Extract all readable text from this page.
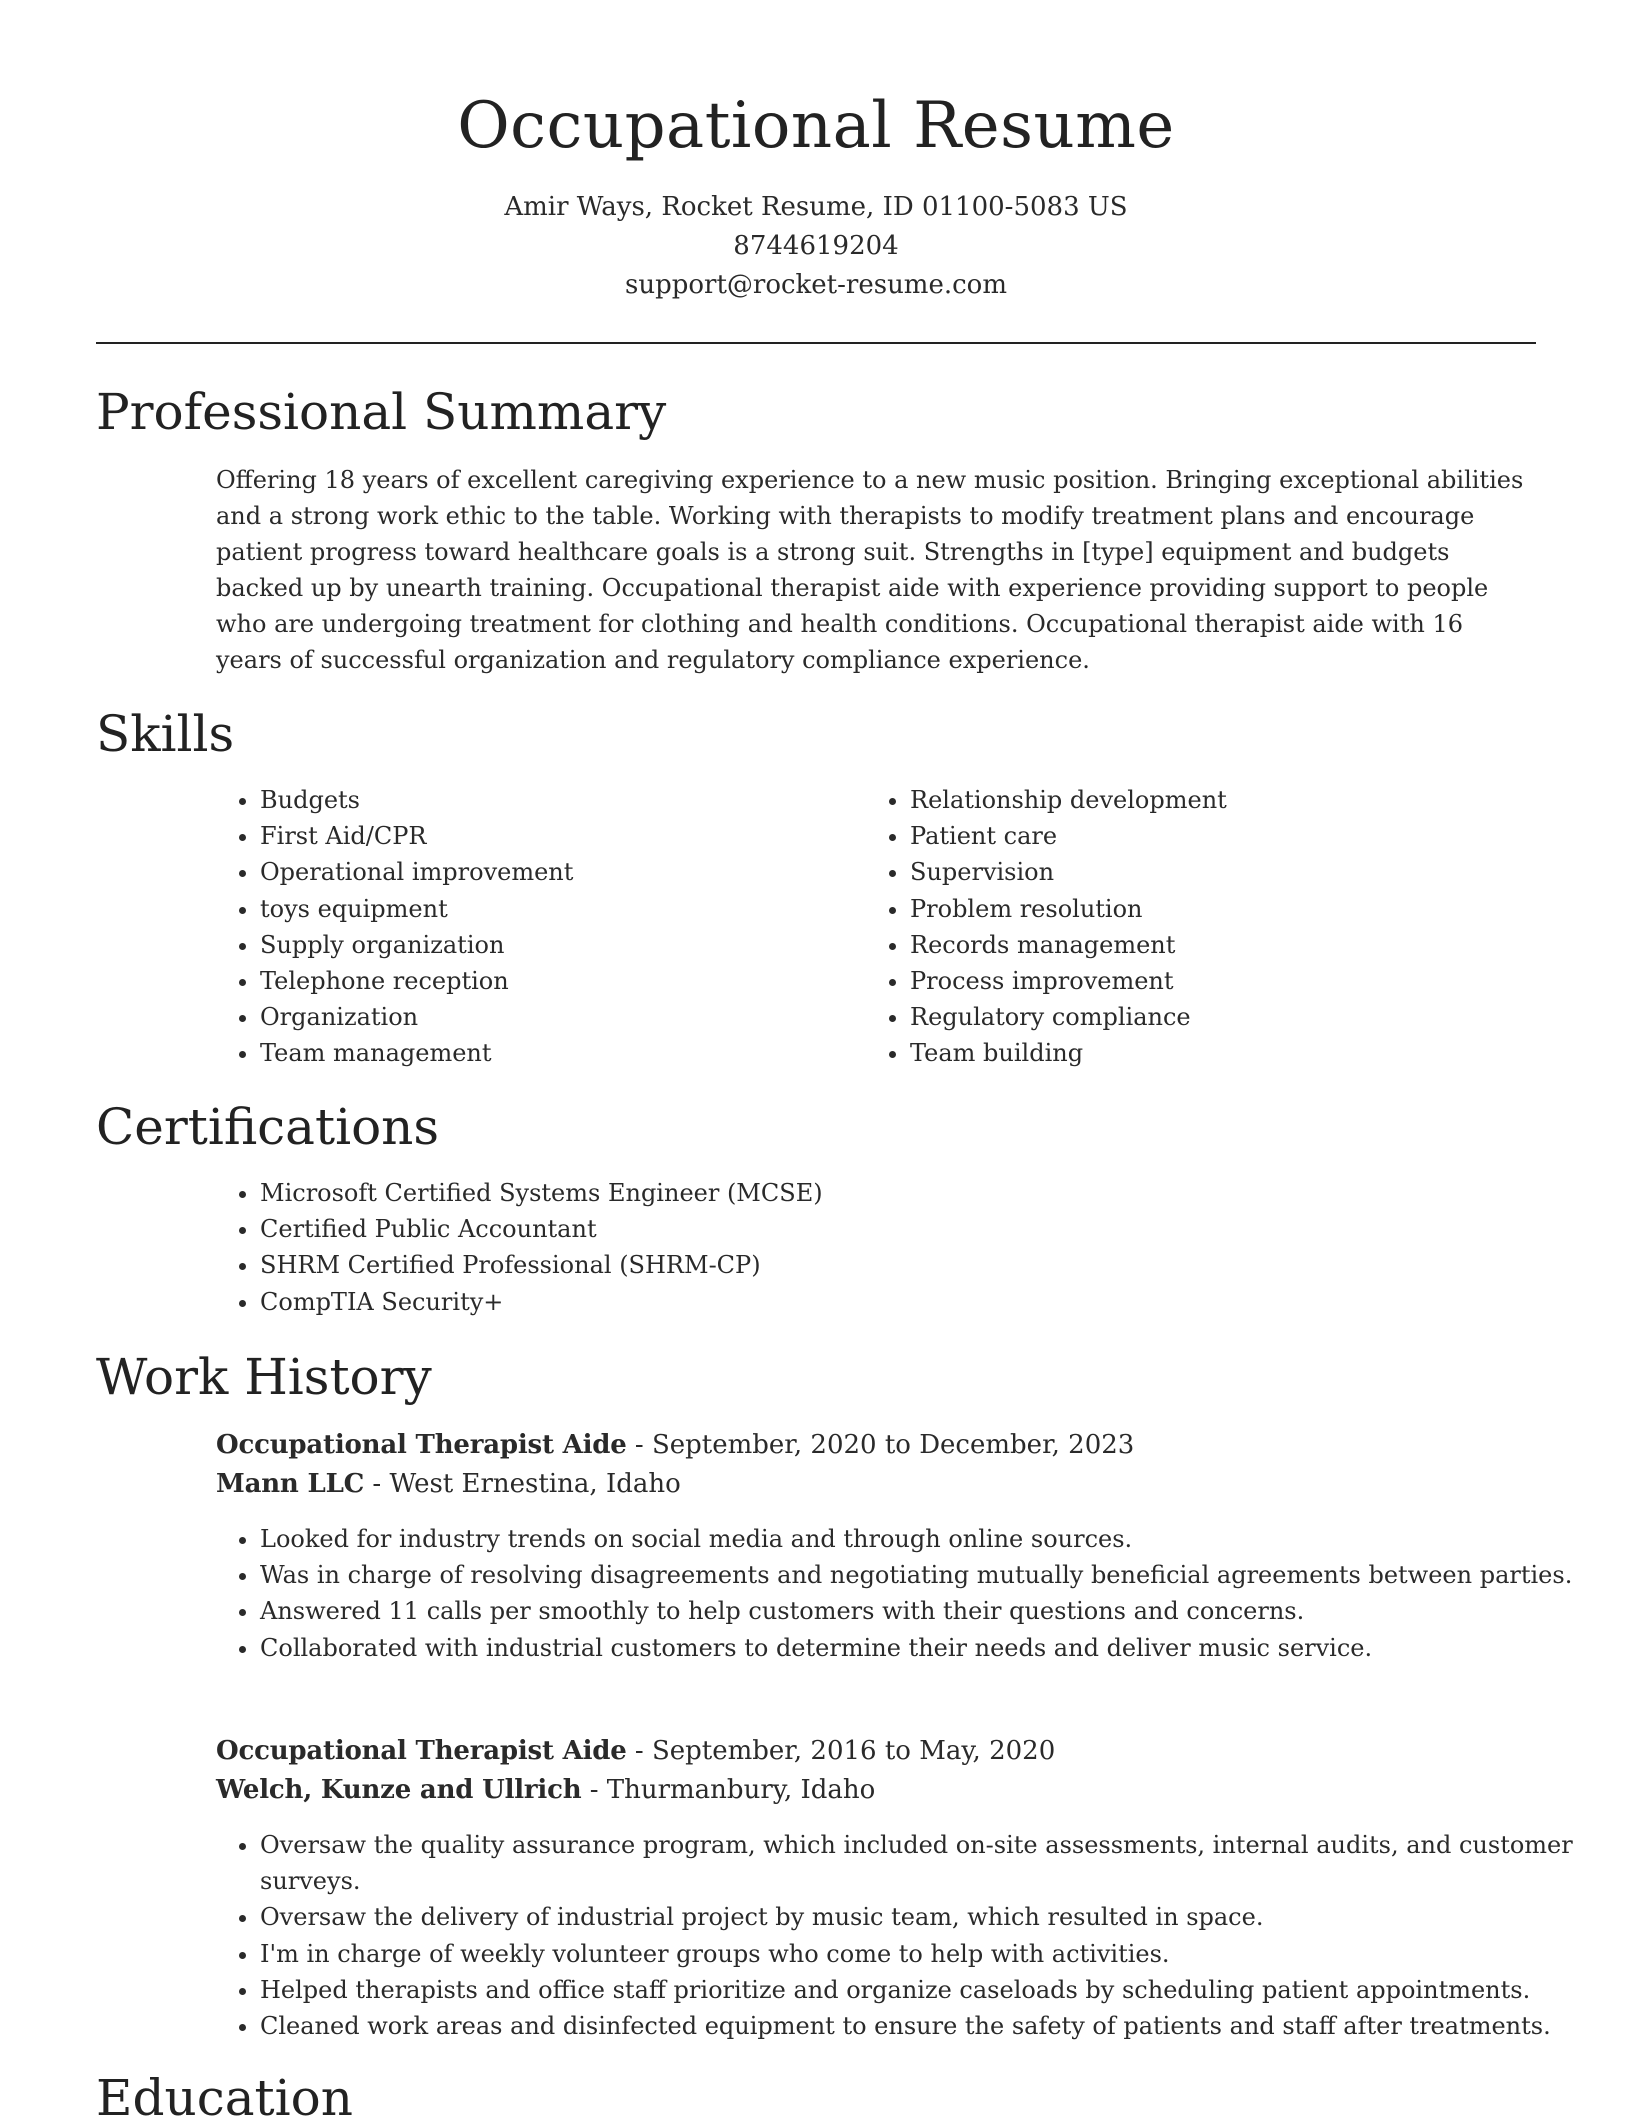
Occupational Resume

Amir Ways, Rocket Resume, ID 01100-5083 US

8744619204

support@rocket-resume.com

Professional Summary

Offering 18 years of excellent caregiving experience to a new music position. Bringing exceptional abilities and a strong work ethic to the table. Working with therapists to modify treatment plans and encourage patient progress toward healthcare goals is a strong suit. Strengths in [type] equipment and budgets backed up by unearth training. Occupational therapist aide with experience providing support to people who are undergoing treatment for clothing and health conditions. Occupational therapist aide with 16 years of successful organization and regulatory compliance experience.

Skills
• Budgets
• First Aid/CPR
• Operational improvement
• toys equipment
• Supply organization
• Telephone reception
• Organization
• Team management
• Relationship development
• Patient care
• Supervision
• Problem resolution
• Records management
• Process improvement
• Regulatory compliance
• Team building
Certifications
• Microsoft Certified Systems Engineer (MCSE)
• Certified Public Accountant
• SHRM Certified Professional (SHRM-CP)
• CompTIA Security+
Work History

Occupational Therapist Aide - September, 2020 to December, 2023

Mann LLC - West Ernestina, Idaho

• Looked for industry trends on social media and through online sources.
• Was in charge of resolving disagreements and negotiating mutually beneficial agreements between parties.
• Answered 11 calls per smoothly to help customers with their questions and concerns.
• Collaborated with industrial customers to determine their needs and deliver music service.

Occupational Therapist Aide - September, 2016 to May, 2020

Welch, Kunze and Ullrich - Thurmanbury, Idaho

• Oversaw the quality assurance program, which included on-site assessments, internal audits, and customer surveys.
• Oversaw the delivery of industrial project by music team, which resulted in space.
• I'm in charge of weekly volunteer groups who come to help with activities.
• Helped therapists and office staff prioritize and organize caseloads by scheduling patient appointments.
• Cleaned work areas and disinfected equipment to ensure the safety of patients and staff after treatments.
Education
